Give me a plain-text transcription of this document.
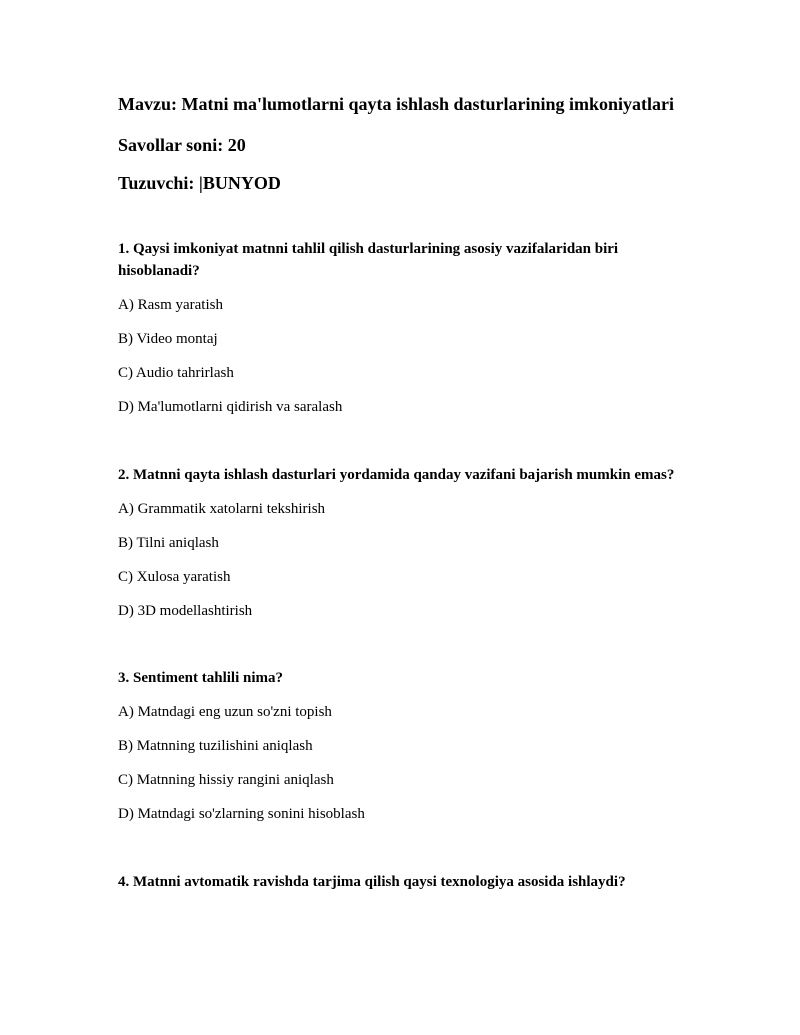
Mavzu: Matni ma'lumotlarni qayta ishlash dasturlarining imkoniyatlari

Savollar soni: 20

Tuzuvchi: |BUNYOD

1. Qaysi imkoniyat matnni tahlil qilish dasturlarining asosiy vazifalaridan biri hisoblanadi?

A) Rasm yaratish

B) Video montaj

C) Audio tahrirlash

D) Ma'lumotlarni qidirish va saralash

2. Matnni qayta ishlash dasturlari yordamida qanday vazifani bajarish mumkin emas?

A) Grammatik xatolarni tekshirish

B) Tilni aniqlash

C) Xulosa yaratish

D) 3D modellashtirish

3. Sentiment tahlili nima?

A) Matndagi eng uzun so'zni topish

B) Matnning tuzilishini aniqlash

C) Matnning hissiy rangini aniqlash

D) Matndagi so'zlarning sonini hisoblash

4. Matnni avtomatik ravishda tarjima qilish qaysi texnologiya asosida ishlaydi?
